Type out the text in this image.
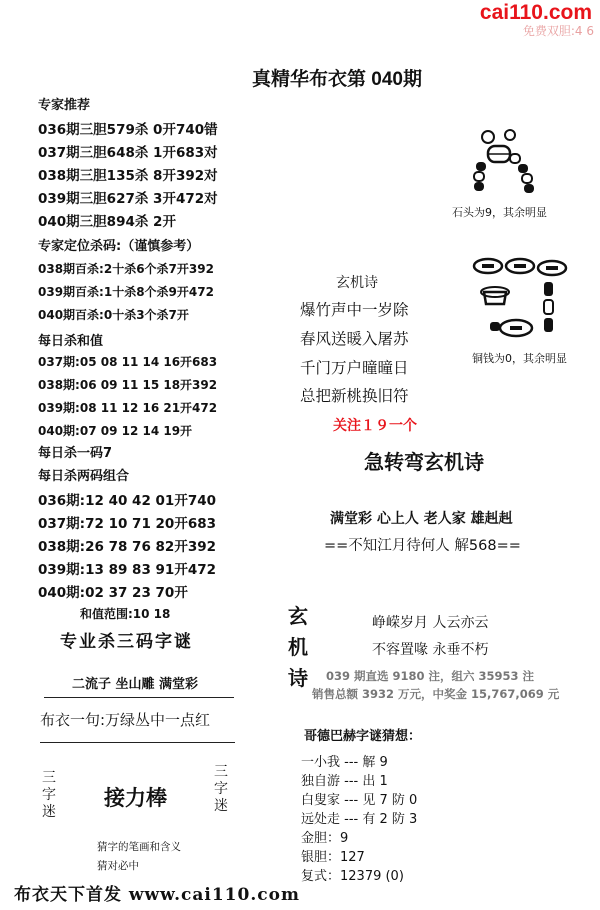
cai110.com
免费双胆:4 6
真精华布衣第 040期
专家推荐
036期三胆579杀 0开740错
037期三胆648杀 1开683对
038期三胆135杀 8开392对
039期三胆627杀 3开472对
040期三胆894杀 2开
专家定位杀码:（谨慎参考）
038期百杀:2十杀6个杀7开392
039期百杀:1十杀8个杀9开472
040期百杀:0十杀3个杀7开
每日杀和值
037期:05 08 11 14 16开683
038期:06 09 11 15 18开392
039期:08 11 12 16 21开472
040期:07 09 12 14 19开
每日杀一码7
每日杀两码组合
036期:12 40 42 01开740
037期:72 10 71 20开683
038期:26 78 76 82开392
039期:13 89 83 91开472
040期:02 37 23 70开
和值范围:10 18
专业杀三码字谜
二流子 坐山雕 满堂彩
布衣一句:万绿丛中一点红
三字迷
接力棒
三字迷
猜字的笔画和含义
猜对必中
布衣天下首发 www.cai110.com
石头为9，其余明显
铜钱为0，其余明显
玄机诗
爆竹声中一岁除
春风送暖入屠苏
千门万户曈曈日
总把新桃换旧符
关注１９一个
急转弯玄机诗
满堂彩 心上人 老人家 雄赳赳
==不知江月待何人 解568==
玄
机
诗
峥嵘岁月 人云亦云
不容置喙 永垂不朽
039 期直选 9180 注，组六 35953 注
销售总额 3932 万元，中奖金 15,767,069 元
哥德巴赫字谜猜想：
一小我 --- 解 9
独自游 --- 出 1
白叟家 --- 见 7 防 0
远处走 --- 有 2 防 3
金胆：9
银胆：127
复式：12379 (0)
